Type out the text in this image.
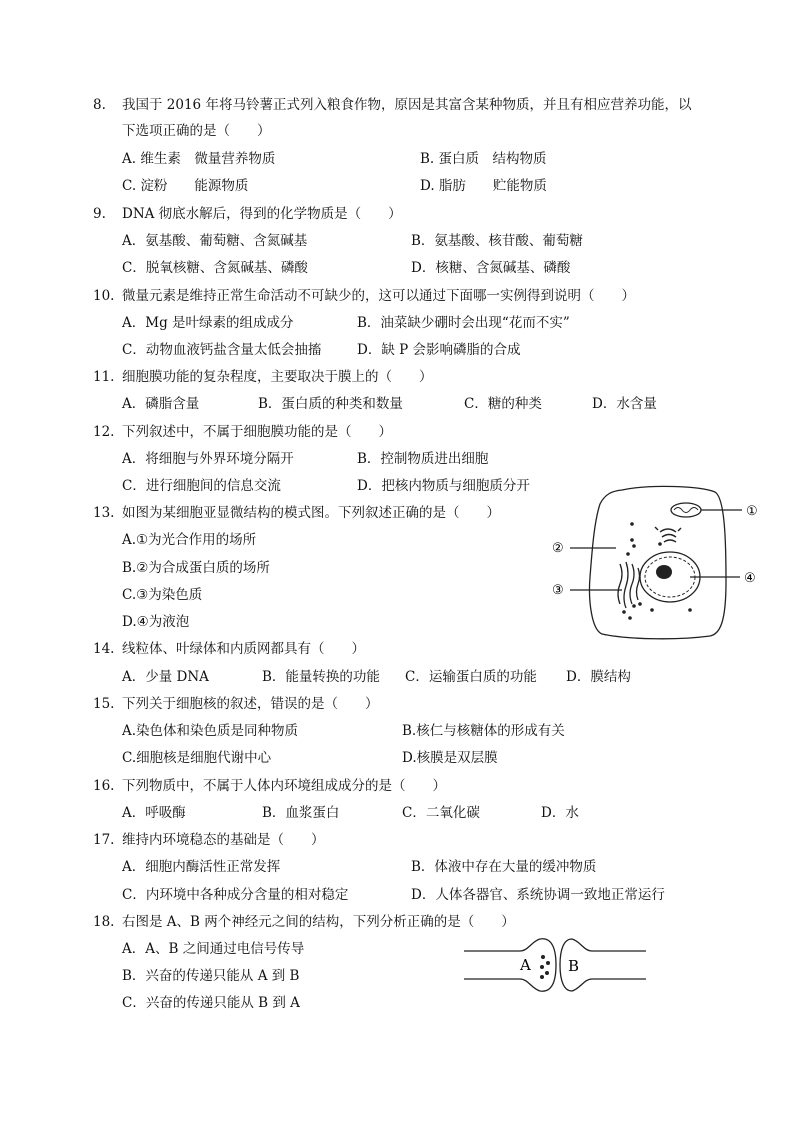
8. 我国于 2016 年将马铃薯正式列入粮食作物，原因是其富含某种物质，并且有相应营养功能，以
下选项正确的是（　　）
A. 维生素　微量营养物质	B. 蛋白质　结构物质
C. 淀粉　　能源物质	D. 脂肪　　贮能物质
9. DNA 彻底水解后，得到的化学物质是（　　）
A．氨基酸、葡萄糖、含氮碱基	B．氨基酸、核苷酸、葡萄糖
C．脱氧核糖、含氮碱基、磷酸	D．核糖、含氮碱基、磷酸
10. 微量元素是维持正常生命活动不可缺少的，这可以通过下面哪一实例得到说明（　　）
A．Mg 是叶绿素的组成成分	B．油菜缺少硼时会出现“花而不实”
C．动物血液钙盐含量太低会抽搐	D．缺 P 会影响磷脂的合成
11. 细胞膜功能的复杂程度，主要取决于膜上的（　　）
A．磷脂含量	B．蛋白质的种类和数量	C．糖的种类	D．水含量
12. 下列叙述中，不属于细胞膜功能的是（　　）
A．将细胞与外界环境分隔开	B．控制物质进出细胞
C．进行细胞间的信息交流	D．把核内物质与细胞质分开
13. 如图为某细胞亚显微结构的模式图。下列叙述正确的是（　　）
A.①为光合作用的场所
B.②为合成蛋白质的场所
C.③为染色质
D.④为液泡
①
②
③
④
14. 线粒体、叶绿体和内质网都具有（　　）
A．少量 DNA	B．能量转换的功能 C．运输蛋白质的功能 D．膜结构
15. 下列关于细胞核的叙述，错误的是（　　）
A.染色体和染色质是同种物质	B.核仁与核糖体的形成有关
C.细胞核是细胞代谢中心	D.核膜是双层膜
16. 下列物质中，不属于人体内环境组成成分的是（　　）
A．呼吸酶	B．血浆蛋白	C．二氧化碳	D．水
17. 维持内环境稳态的基础是（　　）
A．细胞内酶活性正常发挥	B．体液中存在大量的缓冲物质
C．内环境中各种成分含量的相对稳定	D．人体各器官、系统协调一致地正常运行
18. 右图是 A、B 两个神经元之间的结构，下列分析正确的是（　　）
A．A、B 之间通过电信号传导
B．兴奋的传递只能从 A 到 B
C．兴奋的传递只能从 B 到 A
A B
